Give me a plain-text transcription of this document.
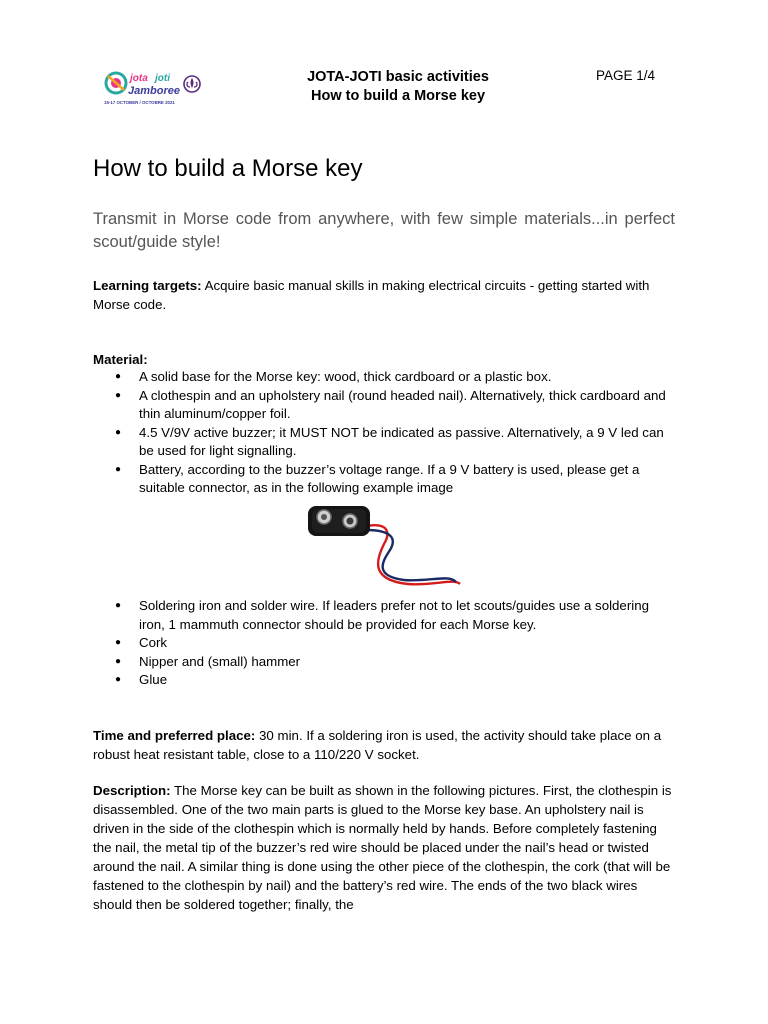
jota joti
Jamboree
15-17 OCTOBER / OCTOBRE 2021
JOTA-JOTI basic activities
How to build a Morse key
PAGE 1/4
How to build a Morse key

Transmit in Morse code from anywhere, with few simple materials...in perfect scout/guide style!

Learning targets: Acquire basic manual skills in making electrical circuits - getting started with Morse code.

Material:

● A solid base for the Morse key: wood, thick cardboard or a plastic box.
● A clothespin and an upholstery nail (round headed nail). Alternatively, thick cardboard and thin aluminum/copper foil.
● 4.5 V/9V active buzzer; it MUST NOT be indicated as passive. Alternatively, a 9 V led can be used for light signalling.
● Battery, according to the buzzer’s voltage range. If a 9 V battery is used, please get a suitable connector, as in the following example image
● Soldering iron and solder wire. If leaders prefer not to let scouts/guides use a soldering iron, 1 mammuth connector should be provided for each Morse key.
● Cork
● Nipper and (small) hammer
● Glue

Time and preferred place: 30 min. If a soldering iron is used, the activity should take place on a robust heat resistant table, close to a 110/220 V socket.

Description: The Morse key can be built as shown in the following pictures. First, the clothespin is disassembled. One of the two main parts is glued to the Morse key base. An upholstery nail is driven in the side of the clothespin which is normally held by hands. Before completely fastening the nail, the metal tip of the buzzer’s red wire should be placed under the nail’s head or twisted around the nail. A similar thing is done using the other piece of the clothespin, the cork (that will be fastened to the clothespin by nail) and the battery’s red wire. The ends of the two black wires should then be soldered together; finally, the
